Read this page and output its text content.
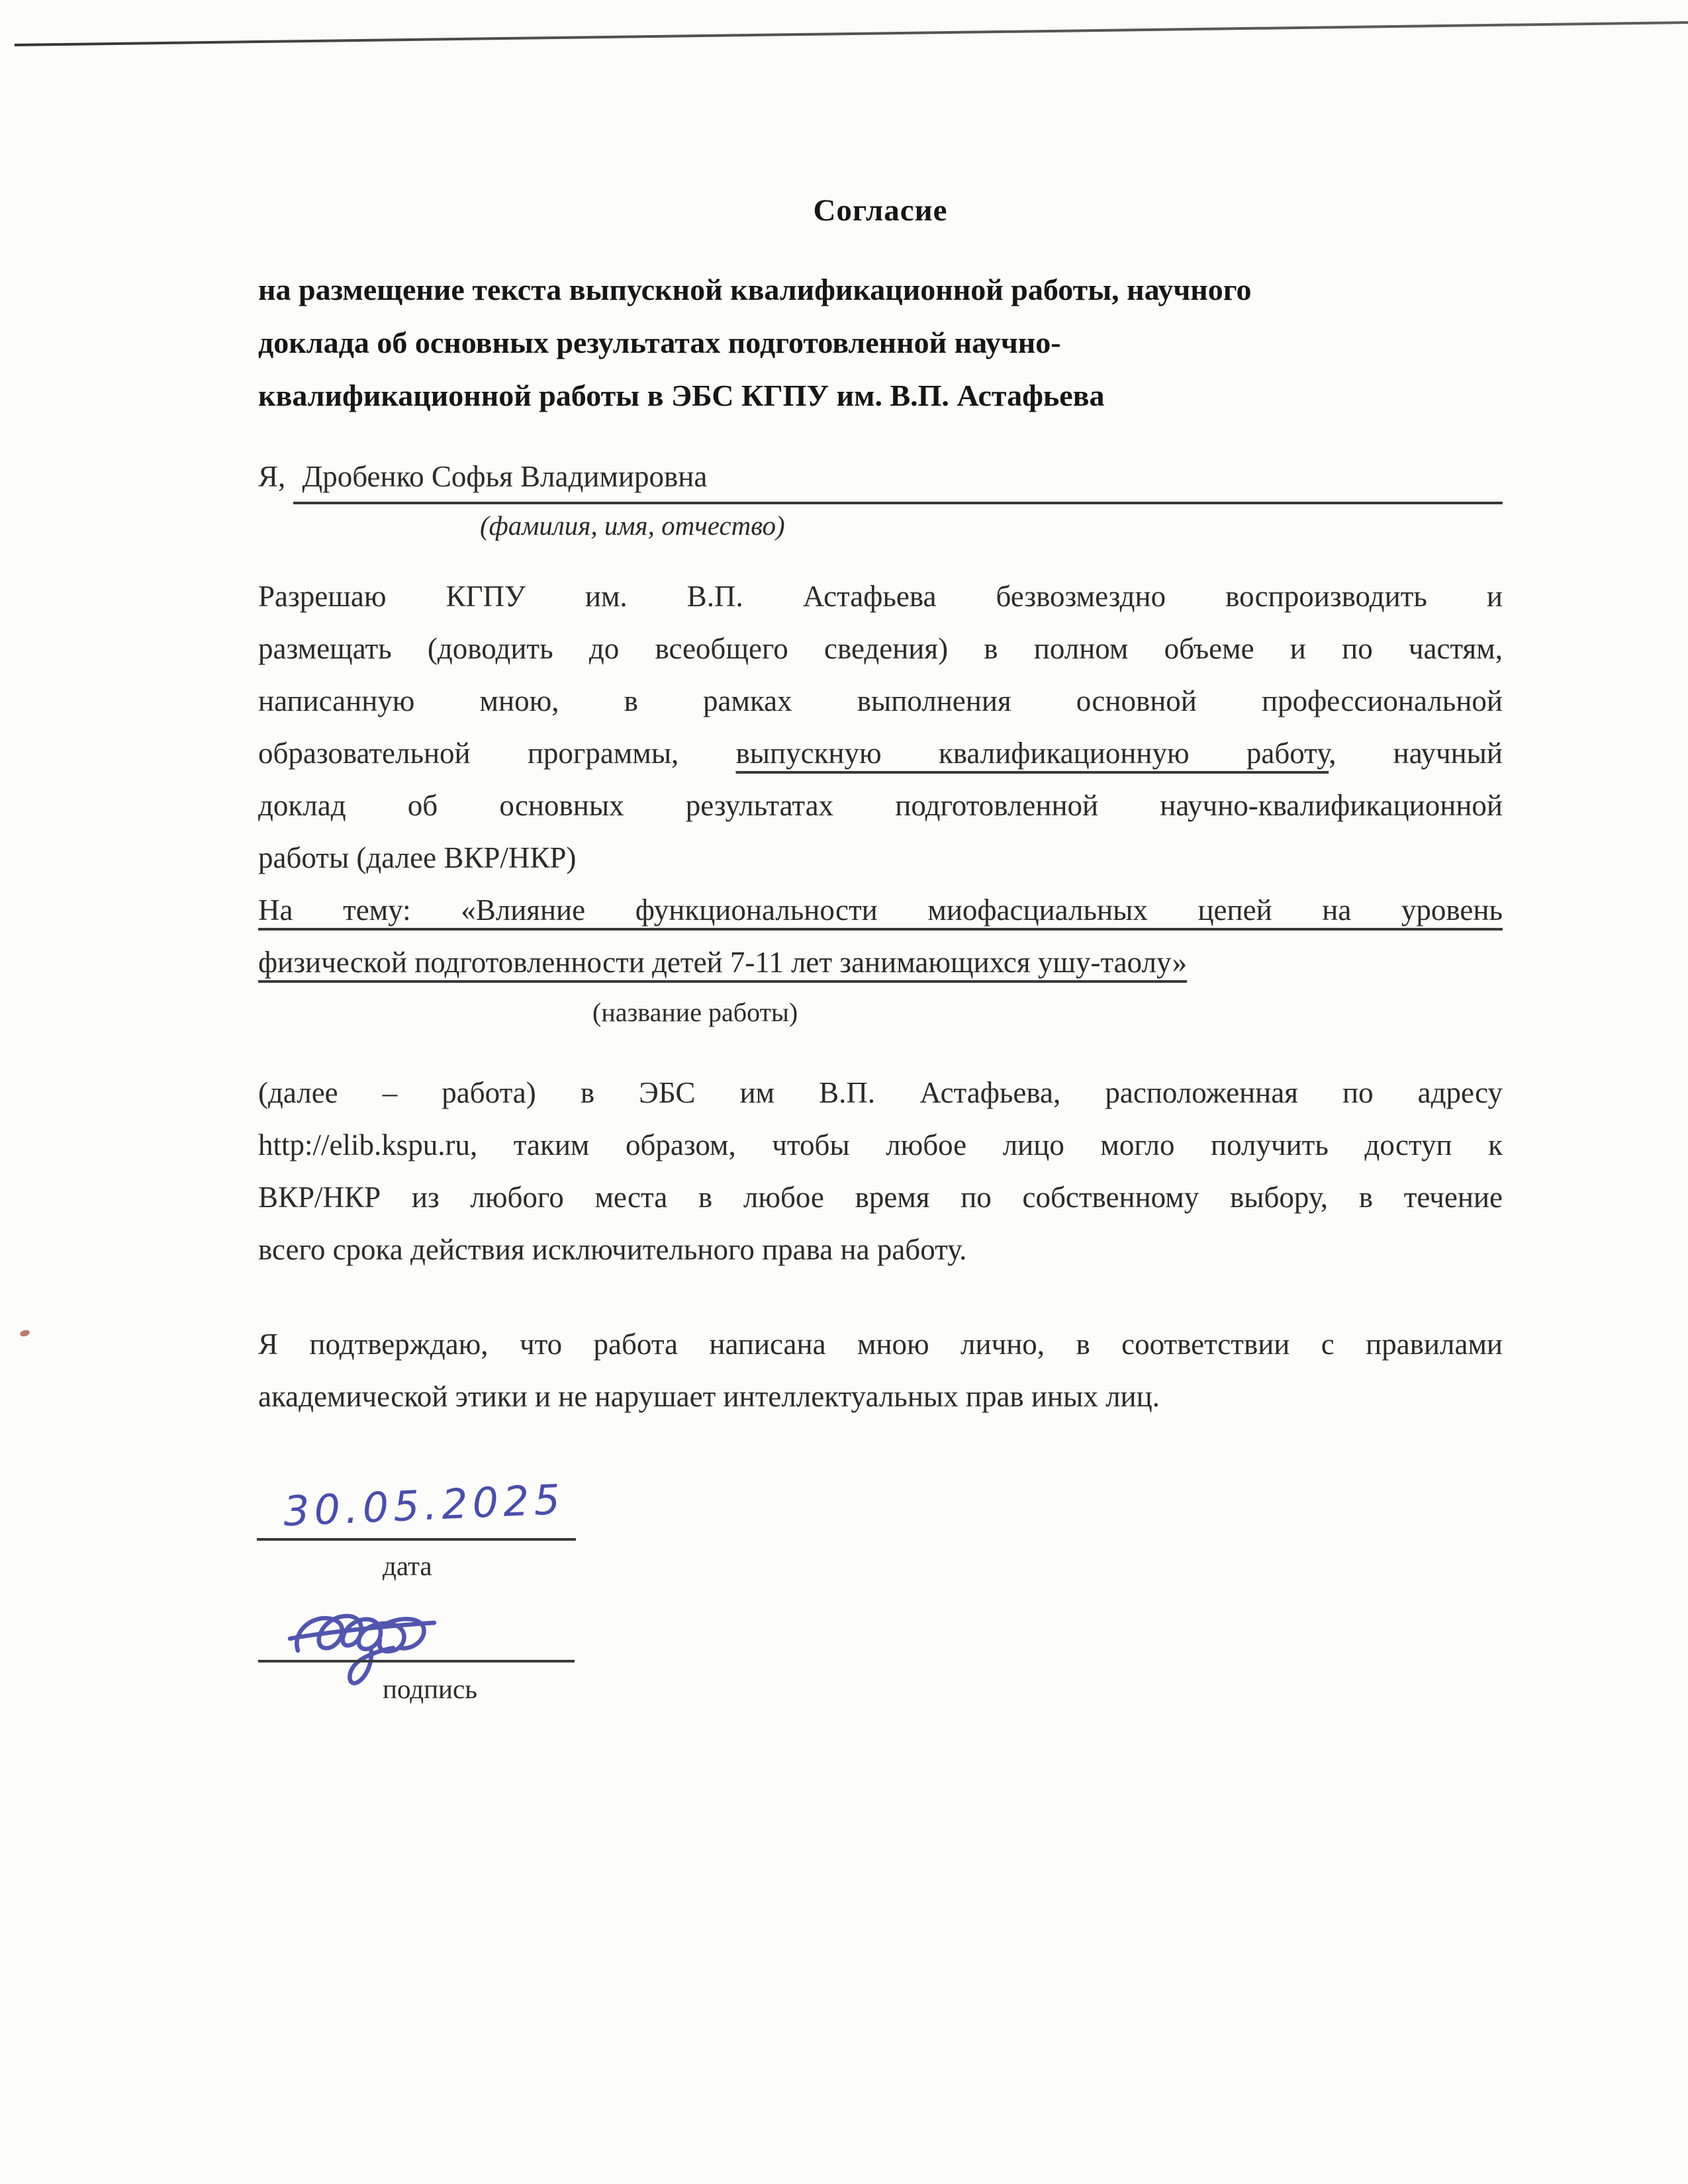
Согласие
на размещение текста выпускной квалификационной работы, научного
доклада об основных результатах подготовленной научно-
квалификационной работы в ЭБС КГПУ им. В.П. Астафьева
Я, Дробенко Софья Владимировна
(фамилия, имя, отчество)
Разрешаю КГПУ им. В.П. Астафьева безвозмездно воспроизводить и
размещать (доводить до всеобщего сведения) в полном объеме и по частям,
написанную мною, в рамках выполнения основной профессиональной
образовательной программы, выпускную квалификационную работу, научный
доклад об основных результатах подготовленной научно-квалификационной
работы (далее ВКР/НКР)
На тему: «Влияние функциональности миофасциальных цепей на уровень
физической подготовленности детей 7-11 лет занимающихся ушу-таолу»
(название работы)
(далее – работа) в ЭБС им В.П. Астафьева, расположенная по адресу
http://elib.kspu.ru, таким образом, чтобы любое лицо могло получить доступ к
ВКР/НКР из любого места в любое время по собственному выбору, в течение
всего срока действия исключительного права на работу.
Я подтверждаю, что работа написана мною лично, в соответствии с правилами
академической этики и не нарушает интеллектуальных прав иных лиц.
30.05.2025
дата
подпись
